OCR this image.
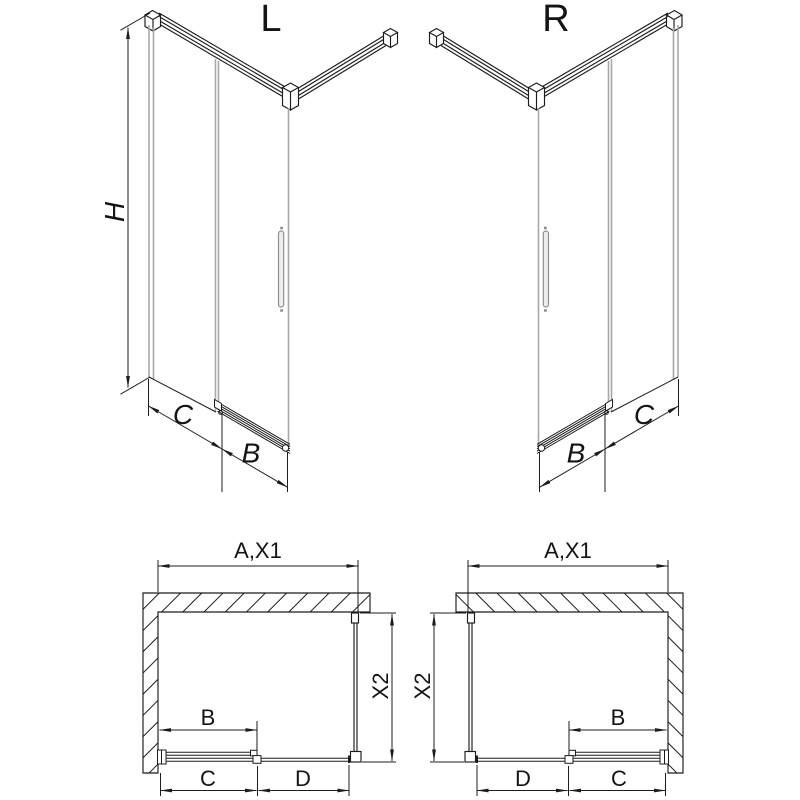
L
H
C
B
R
B
C
A,X1
X2
B
C	D
A,X1
X2
B
D	C
